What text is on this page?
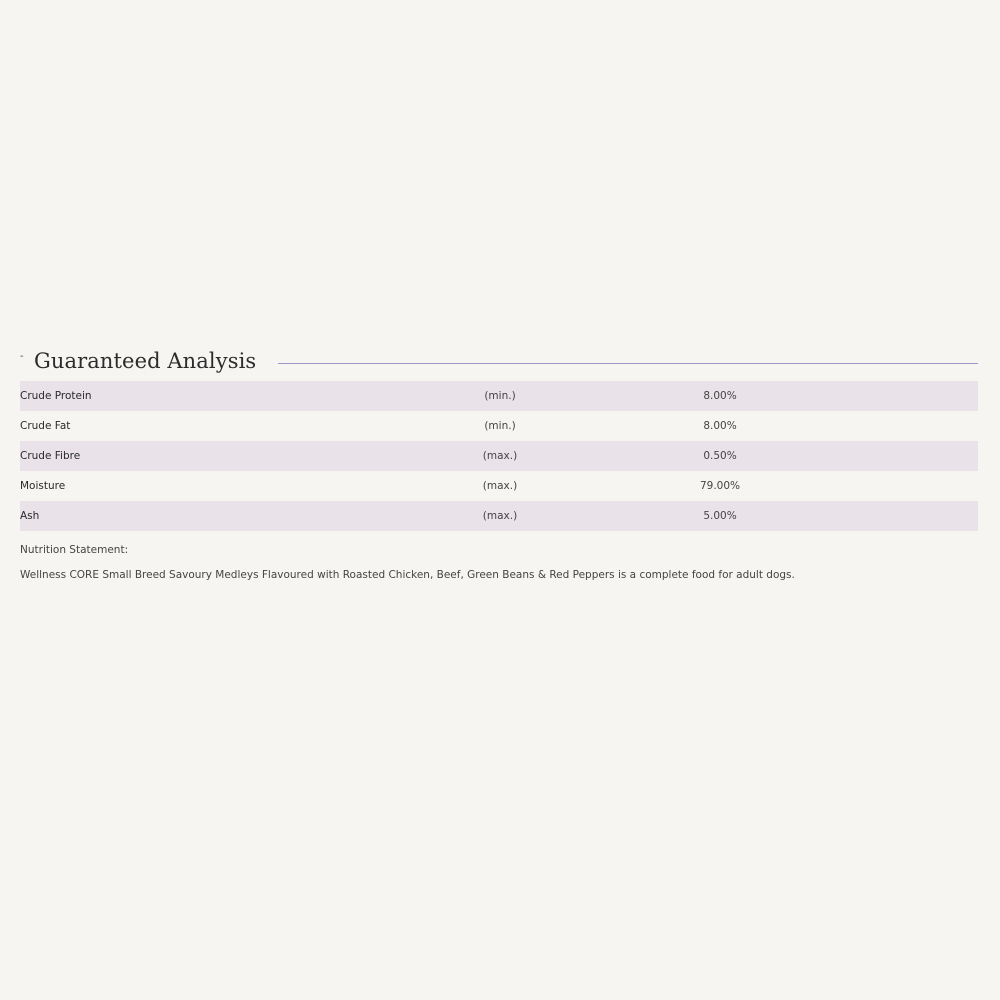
- Guaranteed Analysis
Crude Protein	(min.)	8.00%	
Crude Fat	(min.)	8.00%	
Crude Fibre	(max.)	0.50%	
Moisture	(max.)	79.00%	
Ash	(max.)	5.00%	
Nutrition Statement:
Wellness CORE Small Breed Savoury Medleys Flavoured with Roasted Chicken, Beef, Green Beans & Red Peppers is a complete food for adult dogs.
